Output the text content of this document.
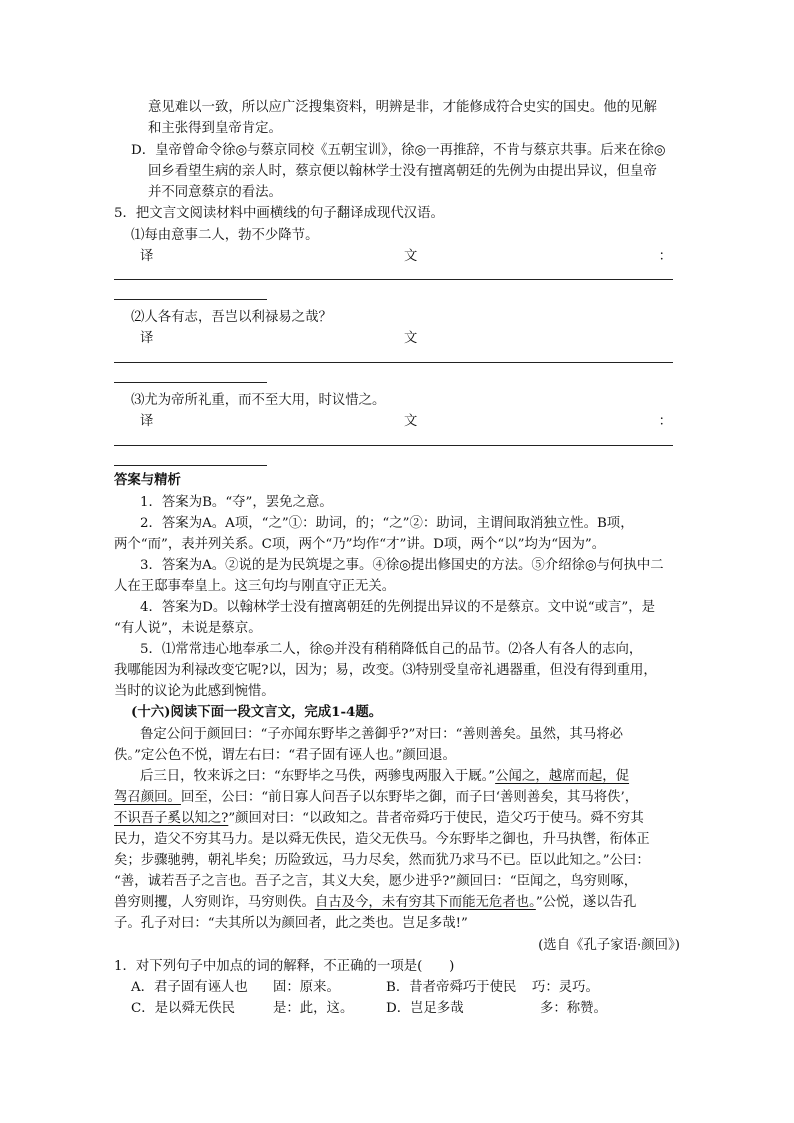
意见难以一致，所以应广泛搜集资料，明辨是非，才能修成符合史实的国史。他的见解
和主张得到皇帝肯定。
D．皇帝曾命令徐◎与蔡京同校《五朝宝训》，徐◎一再推辞，不肯与蔡京共事。后来在徐◎
回乡看望生病的亲人时，蔡京便以翰林学士没有擅离朝廷的先例为由提出异议，但皇帝
并不同意蔡京的看法。
5．把文言文阅读材料中画横线的句子翻译成现代汉语。
⑴每由意事二人，勃不少降节。
译	文	：
⑵人各有志，吾岂以利禄易之哉？
译	文
⑶尤为帝所礼重，而不至大用，时议惜之。
译	文	：
答案与精析
1．答案为B。“夺”，罢免之意。
2．答案为A。A项，“之”①：助词，的；“之”②：助词，主谓间取消独立性。B项，
两个“而”，表并列关系。C项，两个“乃”均作“才”讲。D项，两个“以”均为“因为”。
3．答案为A。②说的是为民筑堤之事。④徐◎提出修国史的方法。⑤介绍徐◎与何执中二
人在王邸事奉皇上。这三句均与刚直守正无关。
4．答案为D。以翰林学士没有擅离朝廷的先例提出异议的不是蔡京。文中说“或言”，是
“有人说”，未说是蔡京。
5．⑴常常违心地奉承二人，徐◎并没有稍稍降低自己的品节。⑵各人有各人的志向，
我哪能因为利禄改变它呢?以，因为；易，改变。⑶特别受皇帝礼遇器重，但没有得到重用，
当时的议论为此感到惋惜。
(十六)阅读下面一段文言文，完成1-4题。
鲁定公问于颜回曰：“子亦闻东野毕之善御乎?”对曰：“善则善矣。虽然，其马将必
佚。”定公色不悦，谓左右曰：“君子固有诬人也。”颜回退。
后三日，牧来诉之曰：“东野毕之马佚，两骖曳两服入于厩。”公闻之，越席而起，促
驾召颜回。回至，公曰：“前日寡人问吾子以东野毕之御，而子曰‘善则善矣，其马将佚’，
不识吾子奚以知之?”颜回对曰：“以政知之。昔者帝舜巧于使民，造父巧于使马。舜不穷其
民力，造父不穷其马力。是以舜无佚民，造父无佚马。今东野毕之御也，升马执辔，衔体正
矣；步骤驰骋，朝礼毕矣；历险致远，马力尽矣，然而犹乃求马不已。臣以此知之。”公曰：
“善，诚若吾子之言也。吾子之言，其义大矣，愿少进乎?”颜回曰：“臣闻之，鸟穷则啄，
兽穷则攫，人穷则诈，马穷则佚。自古及今，未有穷其下而能无危者也。”公悦，遂以告孔
子。孔子对曰：“夫其所以为颜回者，此之类也。岂足多哉!”
(选自《孔子家语·颜回》)
1．对下列句子中加点的词的解释，不正确的一项是(　　)
A．君子固有诬人也 固：原来。	B．昔者帝舜巧于使民 巧：灵巧。
C．是以舜无佚民	是：此，这。 D．岂足多哉	多：称赞。
